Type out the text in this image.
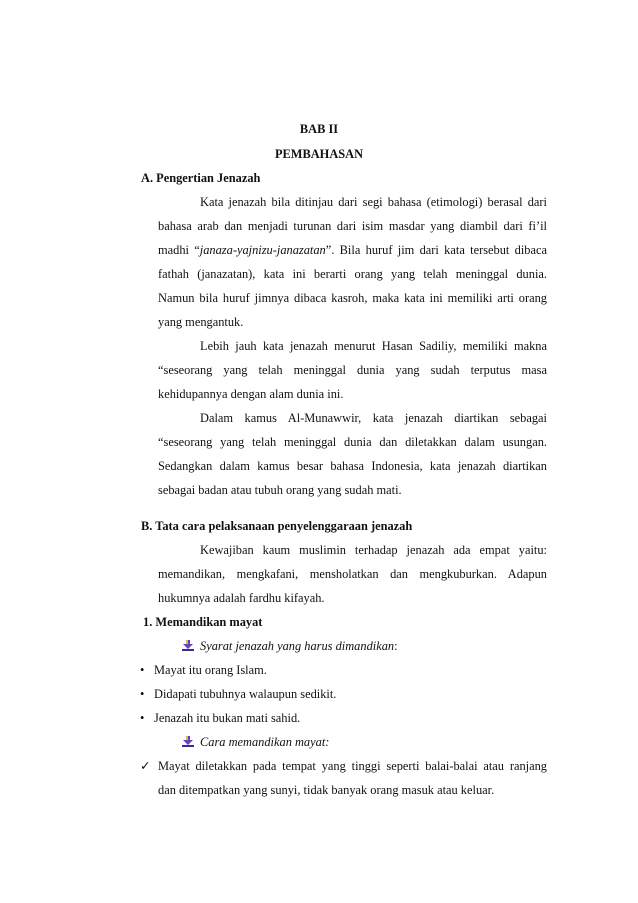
BAB II
PEMBAHASAN
A. Pengertian Jenazah
Kata jenazah bila ditinjau dari segi bahasa (etimologi) berasal dari
bahasa arab dan menjadi turunan dari isim masdar yang diambil dari fi’il
madhi “janaza-yajnizu-janazatan”. Bila huruf jim dari kata tersebut dibaca
fathah (janazatan), kata ini berarti orang yang telah meninggal dunia.
Namun bila huruf jimnya dibaca kasroh, maka kata ini memiliki arti orang
yang mengantuk.
Lebih jauh kata jenazah menurut Hasan Sadiliy, memiliki makna
“seseorang yang telah meninggal dunia yang sudah terputus masa
kehidupannya dengan alam dunia ini.
Dalam kamus Al-Munawwir, kata jenazah diartikan sebagai
“seseorang yang telah meninggal dunia dan diletakkan dalam usungan.
Sedangkan dalam kamus besar bahasa Indonesia, kata jenazah diartikan
sebagai badan atau tubuh orang yang sudah mati.
B. Tata cara pelaksanaan penyelenggaraan jenazah
Kewajiban kaum muslimin terhadap jenazah ada empat yaitu:
memandikan, mengkafani, mensholatkan dan mengkuburkan. Adapun
hukumnya adalah fardhu kifayah.
1. Memandikan mayat
Syarat jenazah yang harus dimandikan:
• Mayat itu orang Islam.
• Didapati tubuhnya walaupun sedikit.
• Jenazah itu bukan mati sahid.
Cara memandikan mayat:
✓ Mayat diletakkan pada tempat yang tinggi seperti balai-balai atau ranjang
dan ditempatkan yang sunyi, tidak banyak orang masuk atau keluar.
